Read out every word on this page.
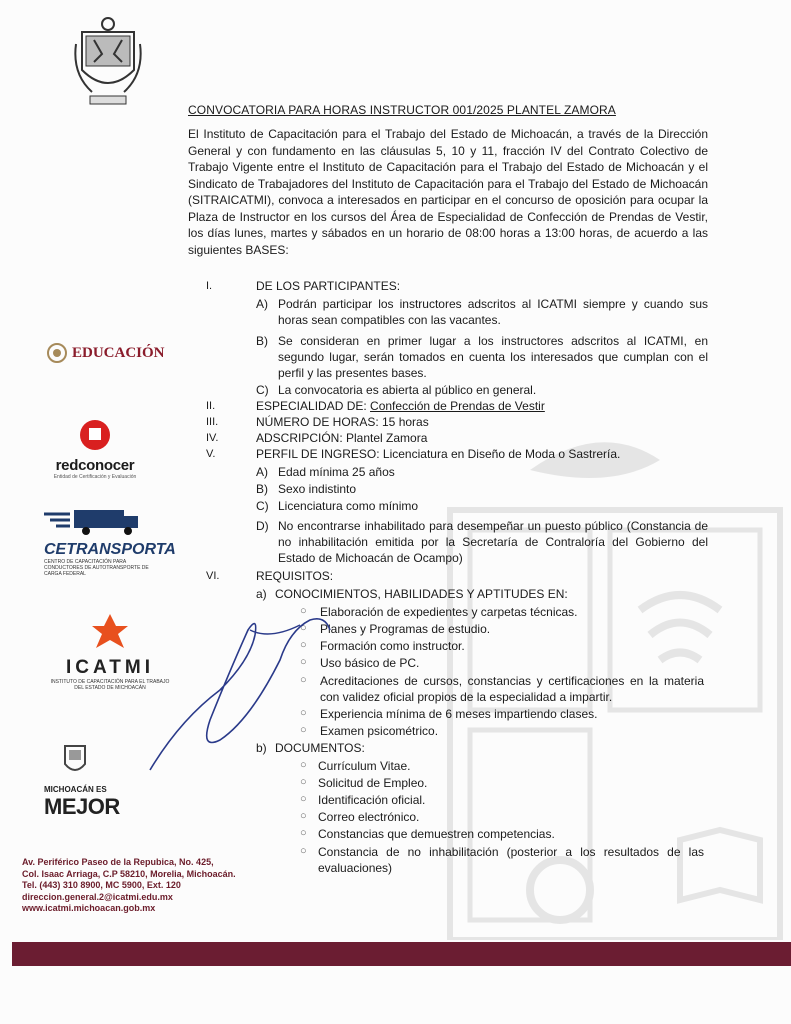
CONVOCATORIA PARA HORAS INSTRUCTOR 001/2025 PLANTEL ZAMORA
El Instituto de Capacitación para el Trabajo del Estado de Michoacán, a través de la Dirección General y con fundamento en las cláusulas 5, 10 y 11, fracción IV del Contrato Colectivo de Trabajo Vigente entre el Instituto de Capacitación para el Trabajo del Estado de Michoacán y el Sindicato de Trabajadores del Instituto de Capacitación para el Trabajo del Estado de Michoacán (SITRAICATMI), convoca a interesados en participar en el concurso de oposición para ocupar la Plaza de Instructor en los cursos del Área de Especialidad de Confección de Prendas de Vestir, los días lunes, martes y sábados en un horario de 08:00 horas a 13:00 horas, de acuerdo a las siguientes BASES:
EDUCACIÓN
redconocer
Entidad de Certificación y Evaluación
CETRANSPORTA
CENTRO DE CAPACITACIÓN PARA CONDUCTORES DE AUTOTRANSPORTE DE CARGA FEDERAL
ICATMI
INSTITUTO DE CAPACITACIÓN PARA EL TRABAJO DEL ESTADO DE MICHOACÁN
MICHOACÁN ES
MEJOR
Av. Periférico Paseo de la Repubica, No. 425,
Col. Isaac Arriaga, C.P 58210, Morelia, Michoacán.
Tel. (443) 310 8900, MC 5900, Ext. 120
direccion.general.2@icatmi.edu.mx
www.icatmi.michoacan.gob.mx
I.	DE LOS PARTICIPANTES:
A) Podrán participar los instructores adscritos al ICATMI siempre y cuando sus horas sean compatibles con las vacantes.
B) Se consideran en primer lugar a los instructores adscritos al ICATMI, en segundo lugar, serán tomados en cuenta los interesados que cumplan con el perfil y las presentes bases.
C) La convocatoria es abierta al público en general.
II.	ESPECIALIDAD DE: Confección de Prendas de Vestir
III.	NÚMERO DE HORAS: 15 horas
IV.	ADSCRIPCIÓN: Plantel Zamora
V.	PERFIL DE INGRESO: Licenciatura en Diseño de Moda o Sastrería.
A) Edad mínima 25 años
B) Sexo indistinto
C) Licenciatura como mínimo
D) No encontrarse inhabilitado para desempeñar un puesto público (Constancia de no inhabilitación emitida por la Secretaría de Contraloría del Gobierno del Estado de Michoacán de Ocampo)
VI.	REQUISITOS:
a) CONOCIMIENTOS, HABILIDADES Y APTITUDES EN:
○ Elaboración de expedientes y carpetas técnicas.
○ Planes y Programas de estudio.
○ Formación como instructor.
○ Uso básico de PC.
○ Acreditaciones de cursos, constancias y certificaciones en la materia con validez oficial propios de la especialidad a impartir.
○ Experiencia mínima de 6 meses impartiendo clases.
○ Examen psicométrico.
b) DOCUMENTOS:
○ Currículum Vitae.
○ Solicitud de Empleo.
○ Identificación oficial.
○ Correo electrónico.
○ Constancias que demuestren competencias.
○ Constancia de no inhabilitación (posterior a los resultados de las evaluaciones)
